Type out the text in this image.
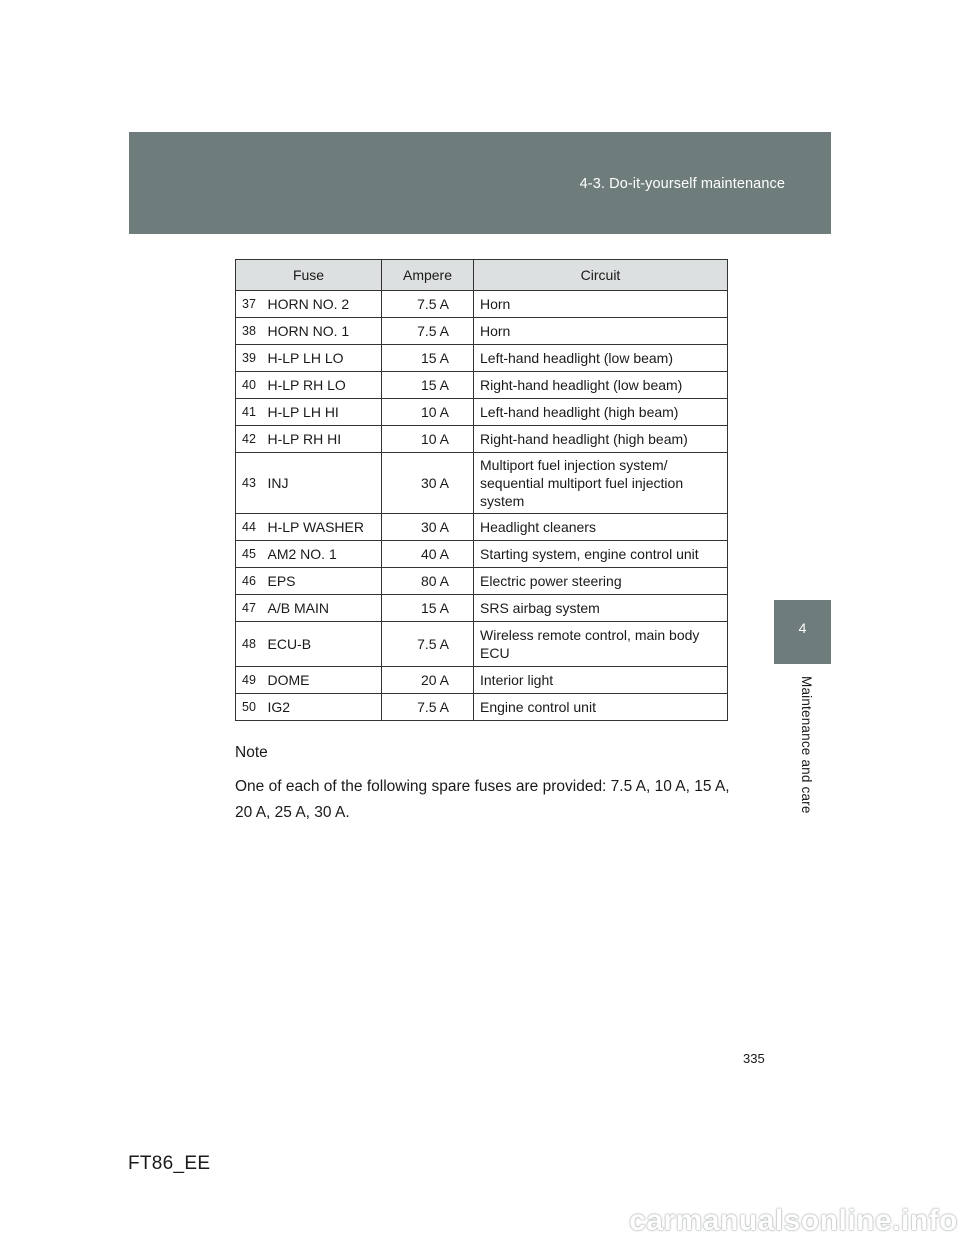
4-3. Do-it-yourself maintenance
4
Maintenance and care
Fuse		Ampere	Circuit
37	HORN NO. 2	7.5 A	Horn
38	HORN NO. 1	7.5 A	Horn
39	H-LP LH LO	15 A	Left-hand headlight (low beam)
40	H-LP RH LO	15 A	Right-hand headlight (low beam)
41	H-LP LH HI	10 A	Left-hand headlight (high beam)
42	H-LP RH HI	10 A	Right-hand headlight (high beam)
43	INJ	30 A	Multiport fuel injection system/ sequential multiport fuel injection system
44	H-LP WASHER	30 A	Headlight cleaners
45	AM2 NO. 1	40 A	Starting system, engine control unit
46	EPS	80 A	Electric power steering
47	A/B MAIN	15 A	SRS airbag system
48	ECU-B	7.5 A	Wireless remote control, main body ECU
49	DOME	20 A	Interior light
50	IG2	7.5 A	Engine control unit
Note
One of each of the following spare fuses are provided: 7.5 A, 10 A, 15 A, 20 A, 25 A, 30 A.
335
FT86_EE
carmanualsonline.info
